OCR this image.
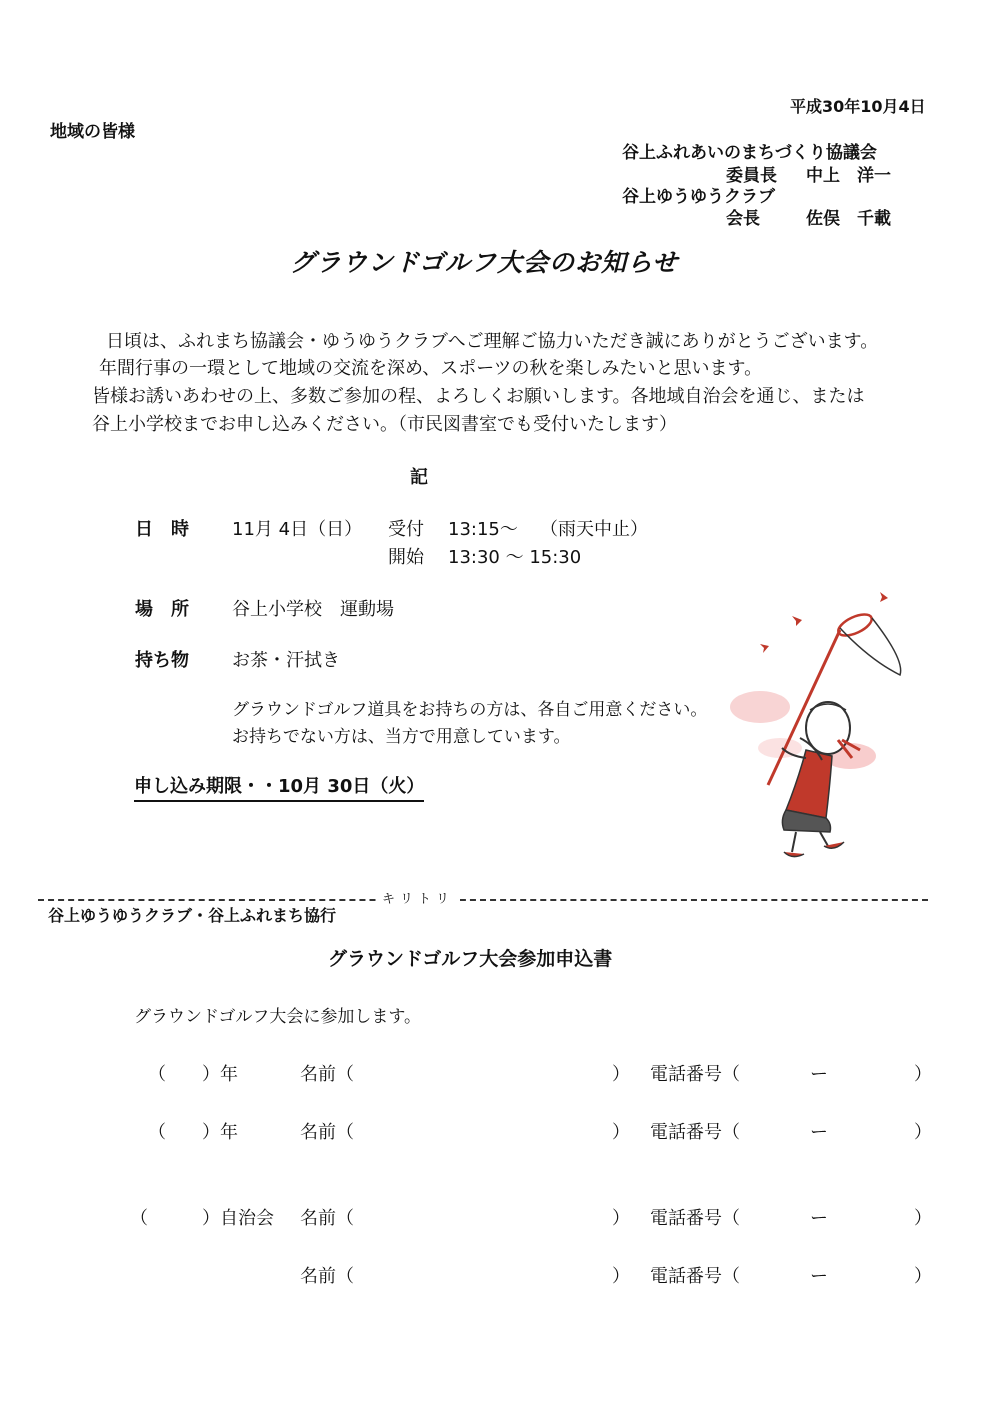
平成30年10月4日
地域の皆様
谷上ふれあいのまちづくり協議会
委員長 中上　洋一
谷上ゆうゆうクラブ
会長	佐俣　千載
グラウンドゴルフ大会のお知らせ
日頃は、ふれまち協議会・ゆうゆうクラブへご理解ご協力いただき誠にありがとうございます。
年間行事の一環として地域の交流を深め、スポーツの秋を楽しみたいと思います。
皆様お誘いあわせの上、多数ご参加の程、よろしくお願いします。各地域自治会を通じ、または
谷上小学校までお申し込みください。（市民図書室でも受付いたします）
記
日　時 11月 4日（日） 受付 13:15～ （雨天中止）
開始 13:30 ～ 15:30
場　所 谷上小学校　運動場
持ち物 お茶・汗拭き
グラウンドゴルフ道具をお持ちの方は、各自ご用意ください。
お持ちでない方は、当方で用意しています。
申し込み期限・・10月 30日（火）
キリトリ
谷上ゆうゆうクラブ・谷上ふれまち協行
グラウンドゴルフ大会参加申込書
グラウンドゴルフ大会に参加します。
（　　）年	名前（	） 電話番号（	ー	）
（　　）年	名前（	） 電話番号（	ー	）
（　　　）自治会 名前（	） 電話番号（	ー	）
名前（	） 電話番号（	ー	）
